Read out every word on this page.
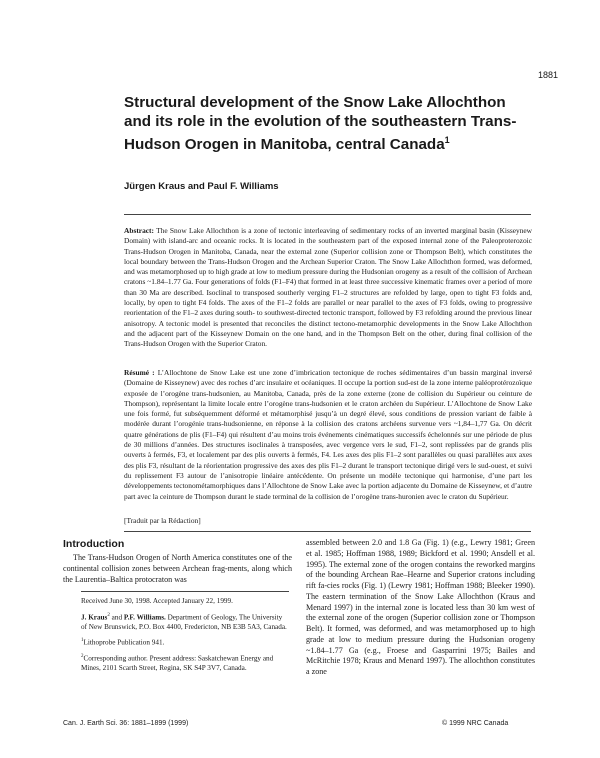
1881
Structural development of the Snow Lake Allochthon and its role in the evolution of the southeastern Trans-Hudson Orogen in Manitoba, central Canada$^1$
Jürgen Kraus and Paul F. Williams

Abstract: The Snow Lake Allochthon is a zone of tectonic interleaving of sedimentary rocks of an inverted marginal basin (Kisseynew Domain) with island-arc and oceanic rocks. It is located in the southeastern part of the exposed internal zone of the Paleoproterozoic Trans-Hudson Orogen in Manitoba, Canada, near the external zone (Superior collision zone or Thompson Belt), which constitutes the local boundary between the Trans-Hudson Orogen and the Archean Superior Craton. The Snow Lake Allochthon formed, was deformed, and was metamorphosed up to high grade at low to medium pressure during the Hudsonian orogeny as a result of the collision of Archean cratons ~1.84–1.77 Ga. Four generations of folds (F1–F4) that formed in at least three successive kinematic frames over a period of more than 30 Ma are described. Isoclinal to transposed southerly verging F1–2 structures are refolded by large, open to tight F3 folds and, locally, by open to tight F4 folds. The axes of the F1–2 folds are parallel or near parallel to the axes of F3 folds, owing to progressive reorientation of the F1–2 axes during south- to southwest-directed tectonic transport, followed by F3 refolding around the previous linear anisotropy. A tectonic model is presented that reconciles the distinct tectono-metamorphic developments in the Snow Lake Allochthon and the adjacent part of the Kisseynew Domain on the one hand, and in the Thompson Belt on the other, during final collision of the Trans-Hudson Orogen with the Superior Craton.

Résumé : L’Allochtone de Snow Lake est une zone d’imbrication tectonique de roches sédimentaires d’un bassin marginal inversé (Domaine de Kisseynew) avec des roches d’arc insulaire et océaniques. Il occupe la portion sud-est de la zone interne paléoprotérozoïque exposée de l’orogène trans-hudsonien, au Manitoba, Canada, près de la zone externe (zone de collision du Supérieur ou ceinture de Thompson), représentant la limite locale entre l’orogène trans-hudsonien et le craton archéen du Supérieur. L’Allochtone de Snow Lake une fois formé, fut subséquemment déformé et métamorphisé jusqu’à un degré élevé, sous conditions de pression variant de faible à modérée durant l’orogénie trans-hudsonienne, en réponse à la collision des cratons archéens survenue vers ~1,84–1,77 Ga. On décrit quatre générations de plis (F1–F4) qui résultent d’au moins trois événements cinématiques successifs échelonnés sur une période de plus de 30 millions d’années. Des structures isoclinales à transposées, avec vergence vers le sud, F1–2, sont replissées par de grands plis ouverts à fermés, F3, et localement par des plis ouverts à fermés, F4. Les axes des plis F1–2 sont parallèles ou quasi parallèles aux axes des plis F3, résultant de la réorientation progressive des axes des plis F1–2 durant le transport tectonique dirigé vers le sud-ouest, et suivi du replissement F3 autour de l’anisotropie linéaire antécédente. On présente un modèle tectonique qui harmonise, d’une part les développements tectonométamorphiques dans l’Allochtone de Snow Lake avec la portion adjacente du Domaine de Kisseynew, et d’autre part avec la ceinture de Thompson durant le stade terminal de la collision de l’orogène trans-huronien avec le craton du Supérieur.

[Traduit par la Rédaction]
Introduction

The Trans-Hudson Orogen of North America constitutes one of the continental collision zones between Archean frag-ments, along which the Laurentia–Baltica protocraton was

Received June 30, 1998. Accepted January 22, 1999.

J. Kraus$^2$ and P.F. Williams. Department of Geology, The University of New Brunswick, P.O. Box 4400, Fredericton, NB E3B 5A3, Canada.

$^1$Lithoprobe Publication 941.

$^2$Corresponding author. Present address: Saskatchewan Energy and Mines, 2101 Scarth Street, Regina, SK S4P 3V7, Canada.

assembled between 2.0 and 1.8 Ga (Fig. 1) (e.g., Lewry 1981; Green et al. 1985; Hoffman 1988, 1989; Bickford et al. 1990; Ansdell et al. 1995). The external zone of the orogen contains the reworked margins of the bounding Archean Rae–Hearne and Superior cratons including rift fa-cies rocks (Fig. 1) (Lewry 1981; Hoffman 1988; Bleeker 1990). The eastern termination of the Snow Lake Allochthon (Kraus and Menard 1997) in the internal zone is located less than 30 km west of the external zone of the orogen (Superior collision zone or Thompson Belt). It formed, was deformed, and was metamorphosed up to high grade at low to medium pressure during the Hudsonian orogeny ~1.84–1.77 Ga (e.g., Froese and Gasparrini 1975; Bailes and McRitchie 1978; Kraus and Menard 1997). The allochthon constitutes a zone

Can. J. Earth Sci. 36: 1881–1899 (1999)	© 1999 NRC Canada
